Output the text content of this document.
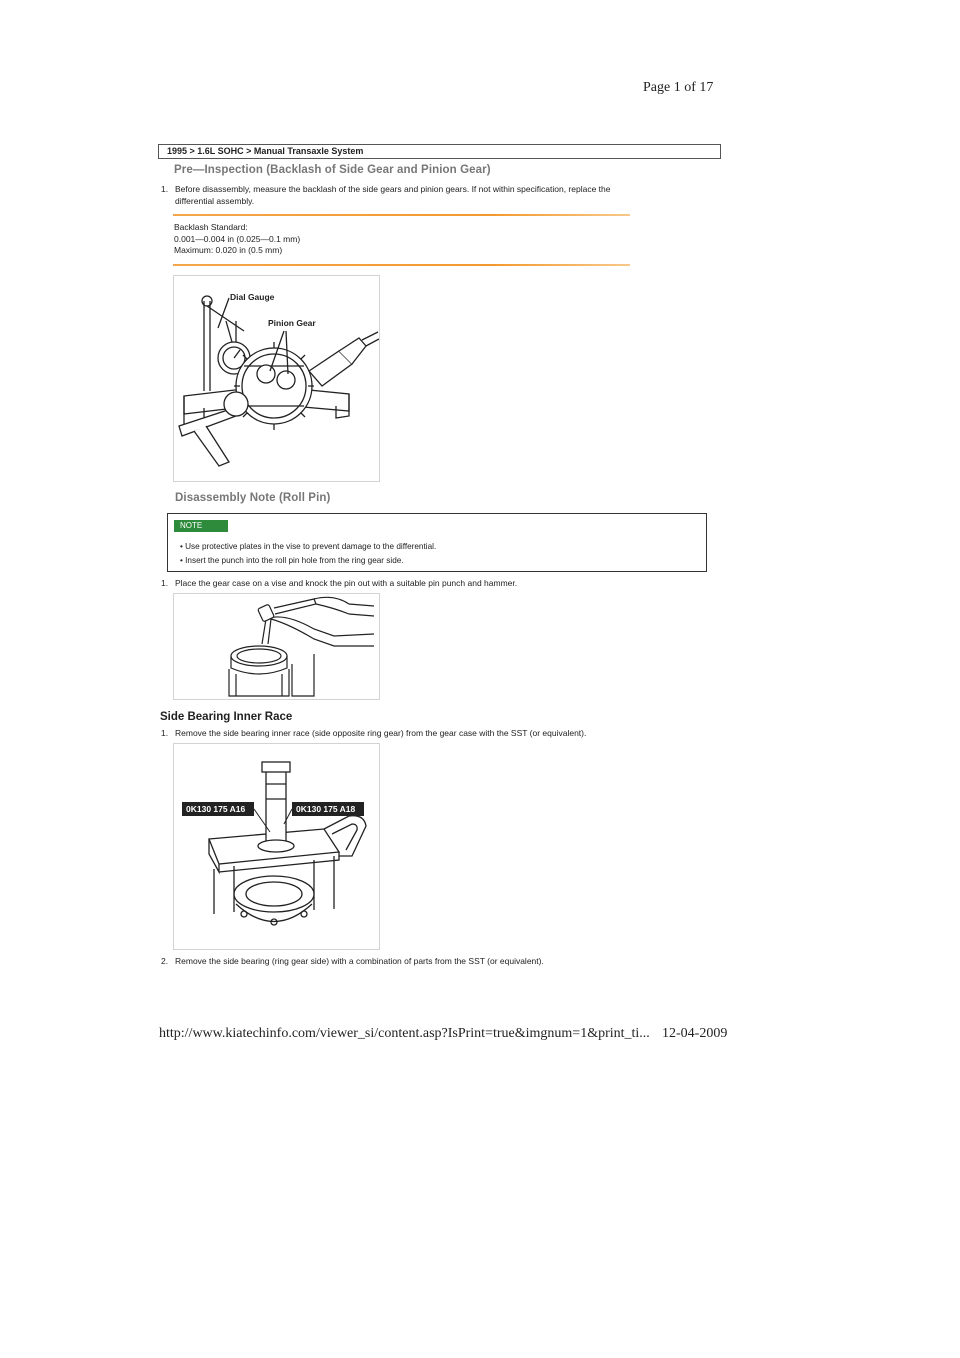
Page 1 of 17
1995 > 1.6L SOHC > Manual Transaxle System
Pre—Inspection (Backlash of Side Gear and Pinion Gear)
1. Before disassembly, measure the backlash of the side gears and pinion gears. If not within specification, replace the
differential assembly.
Backlash Standard:
0.001—0.004 in (0.025—0.1 mm)
Maximum: 0.020 in (0.5 mm)
Dial Gauge
Pinion Gear
Disassembly Note (Roll Pin)
NOTE
• Use protective plates in the vise to prevent damage to the differential.
• Insert the punch into the roll pin hole from the ring gear side.
1. Place the gear case on a vise and knock the pin out with a suitable pin punch and hammer.
Side Bearing Inner Race
1. Remove the side bearing inner race (side opposite ring gear) from the gear case with the SST (or equivalent).
0K130 175 A16	0K130 175 A18
2. Remove the side bearing (ring gear side) with a combination of parts from the SST (or equivalent).
http://www.kiatechinfo.com/viewer_si/content.asp?IsPrint=true&imgnum=1&print_ti... 12-04-2009
